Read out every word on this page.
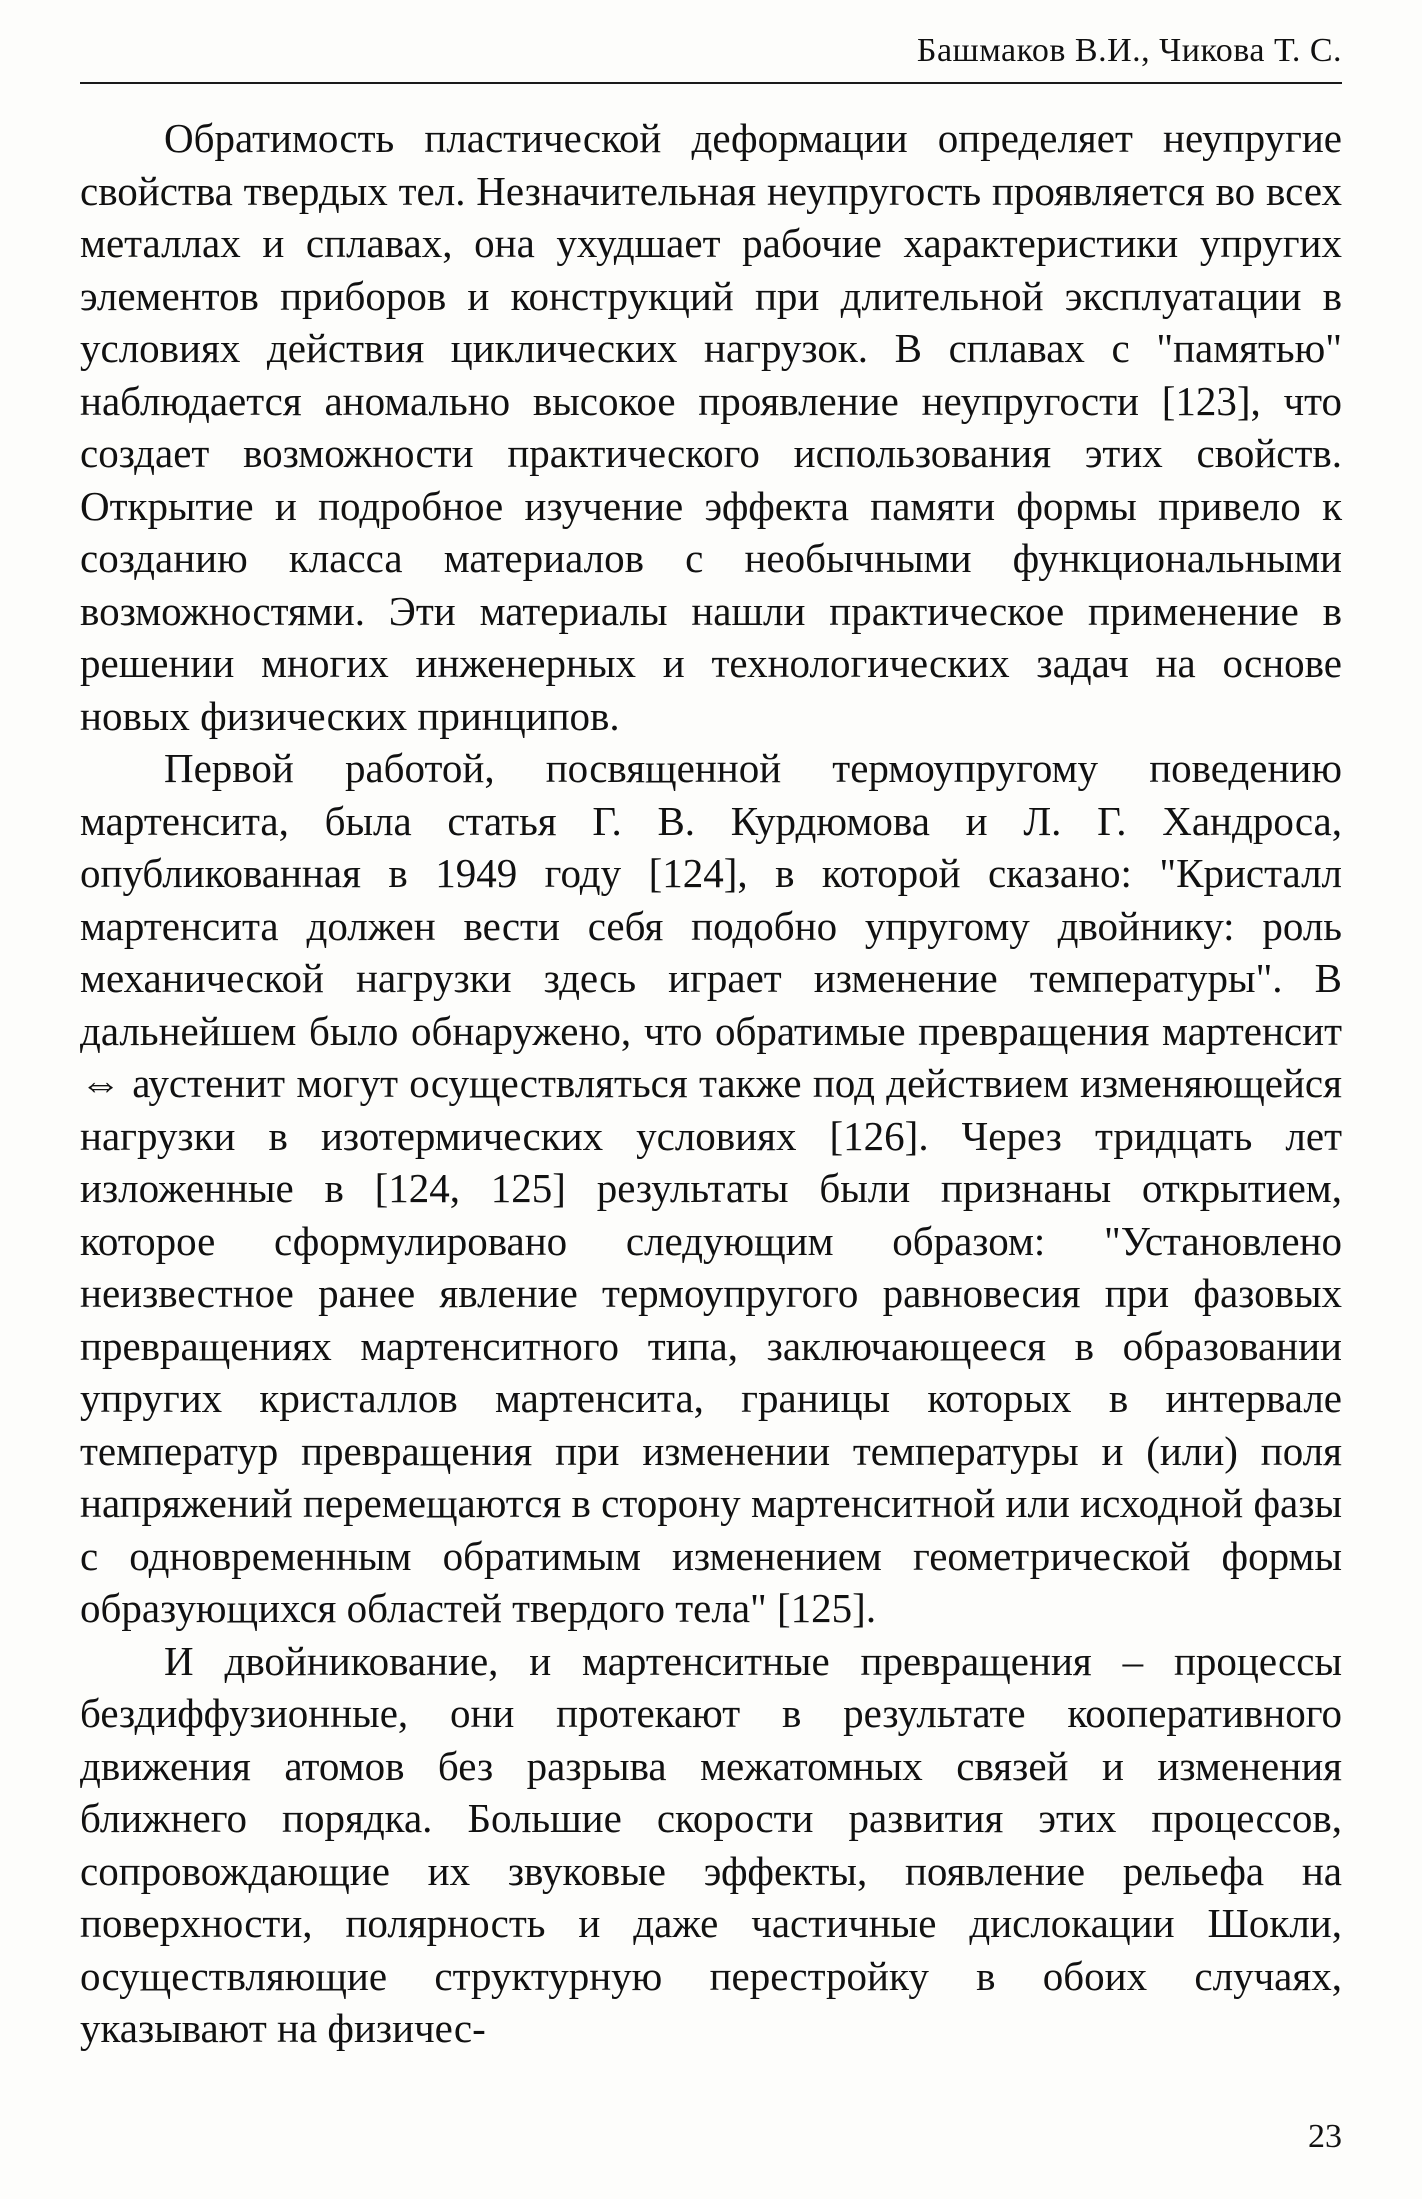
Башмаков В.И., Чикова Т. С.

Обратимость пластической деформации определяет неупругие свойства твердых тел. Незначительная неупругость проявляется во всех металлах и сплавах, она ухудшает рабочие характеристики упругих элементов приборов и конструкций при длительной эксплуатации в условиях действия циклических нагрузок. В сплавах с "памятью" наблюдается аномально высокое проявление неупругости [123], что создает возможности практического использования этих свойств. Открытие и подробное изучение эффекта памяти формы привело к созданию класса материалов с необычными функциональными возможностями. Эти материалы нашли практическое применение в решении многих инженерных и технологических задач на основе новых физических принципов.

Первой работой, посвященной термоупругому поведению мартенсита, была статья Г. В. Курдюмова и Л. Г. Хандроса, опубликованная в 1949 году [124], в которой сказано: "Кристалл мартенсита должен вести себя подобно упругому двойнику: роль механической нагрузки здесь играет изменение температуры". В дальнейшем было обнаружено, что обратимые превращения мартенсит ⇔ аустенит могут осуществляться также под действием изменяющейся нагрузки в изотермических условиях [126]. Через тридцать лет изложенные в [124, 125] результаты были признаны открытием, которое сформулировано следующим образом: "Установлено неизвестное ранее явление термоупругого равновесия при фазовых превращениях мартенситного типа, заключающееся в образовании упругих кристаллов мартенсита, границы которых в интервале температур превращения при изменении температуры и (или) поля напряжений перемещаются в сторону мартенситной или исходной фазы с одновременным обратимым изменением геометрической формы образующихся областей твердого тела" [125].

И двойникование, и мартенситные превращения – процессы бездиффузионные, они протекают в результате кооперативного движения атомов без разрыва межатомных связей и изменения ближнего порядка. Большие скорости развития этих процессов, сопровождающие их звуковые эффекты, появление рельефа на поверхности, полярность и даже частичные дислокации Шокли, осуществляющие структурную перестройку в обоих случаях, указывают на физичес-

23
